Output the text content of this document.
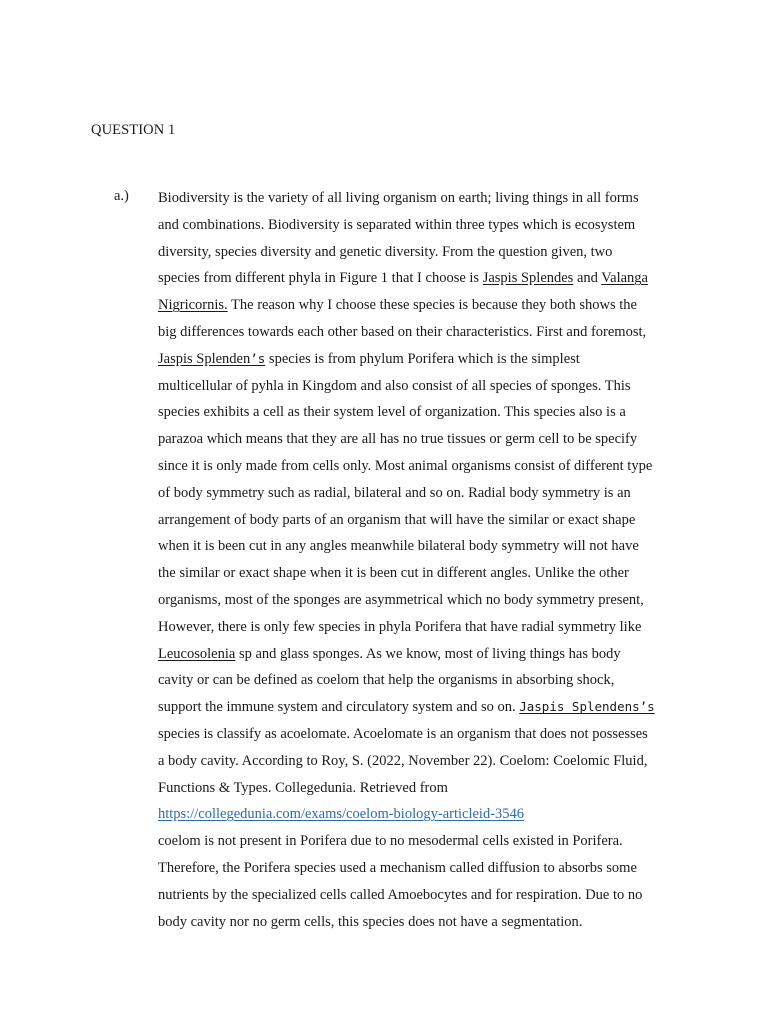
QUESTION 1
a.) Biodiversity is the variety of all living organism on earth; living things in all forms
and combinations. Biodiversity is separated within three types which is ecosystem
diversity, species diversity and genetic diversity. From the question given, two
species from different phyla in Figure 1 that I choose is Jaspis Splendes and Valanga
Nigricornis. The reason why I choose these species is because they both shows the
big differences towards each other based on their characteristics. First and foremost,
Jaspis Splenden’s species is from phylum Porifera which is the simplest
multicellular of pyhla in Kingdom and also consist of all species of sponges. This
species exhibits a cell as their system level of organization. This species also is a
parazoa which means that they are all has no true tissues or germ cell to be specify
since it is only made from cells only. Most animal organisms consist of different type
of body symmetry such as radial, bilateral and so on. Radial body symmetry is an
arrangement of body parts of an organism that will have the similar or exact shape
when it is been cut in any angles meanwhile bilateral body symmetry will not have
the similar or exact shape when it is been cut in different angles. Unlike the other
organisms, most of the sponges are asymmetrical which no body symmetry present,
However, there is only few species in phyla Porifera that have radial symmetry like
Leucosolenia sp and glass sponges. As we know, most of living things has body
cavity or can be defined as coelom that help the organisms in absorbing shock,
support the immune system and circulatory system and so on. Jaspis Splendens’s
species is classify as acoelomate. Acoelomate is an organism that does not possesses
a body cavity. According to Roy, S. (2022, November 22). Coelom: Coelomic Fluid,
Functions & Types. Collegedunia. Retrieved from
https://collegedunia.com/exams/coelom-biology-articleid-3546
coelom is not present in Porifera due to no mesodermal cells existed in Porifera.
Therefore, the Porifera species used a mechanism called diffusion to absorbs some
nutrients by the specialized cells called Amoebocytes and for respiration. Due to no
body cavity nor no germ cells, this species does not have a segmentation.
